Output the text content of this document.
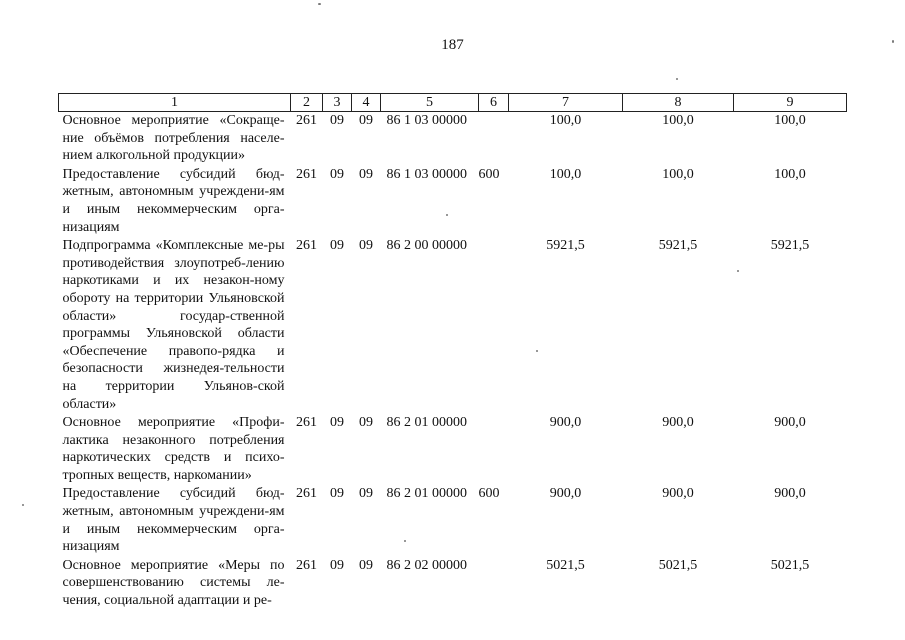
187
1	2	3	4	5	6	7	8	9
Основное мероприятие «Сокраще-ние объёмов потребления населе-нием алкогольной продукции»	261	09	09	86 1 03 00000		100,0	100,0	100,0
Предоставление субсидий бюд-жетным, автономным учреждени-ям и иным некоммерческим орга-низациям	261	09	09	86 1 03 00000	600	100,0	100,0	100,0
Подпрограмма «Комплексные ме-ры противодействия злоупотреб-лению наркотиками и их незакон-ному обороту на территории Ульяновской области» государ-ственной программы Ульяновской области «Обеспечение правопо-рядка и безопасности жизнедея-тельности на территории Ульянов-ской области»	261	09	09	86 2 00 00000		5921,5	5921,5	5921,5
Основное мероприятие «Профи-лактика незаконного потребления наркотических средств и психо-тропных веществ, наркомании»	261	09	09	86 2 01 00000		900,0	900,0	900,0
Предоставление субсидий бюд-жетным, автономным учреждени-ям и иным некоммерческим орга-низациям	261	09	09	86 2 01 00000	600	900,0	900,0	900,0
Основное мероприятие «Меры по совершенствованию системы ле-чения, социальной адаптации и ре-	261	09	09	86 2 02 00000		5021,5	5021,5	5021,5
